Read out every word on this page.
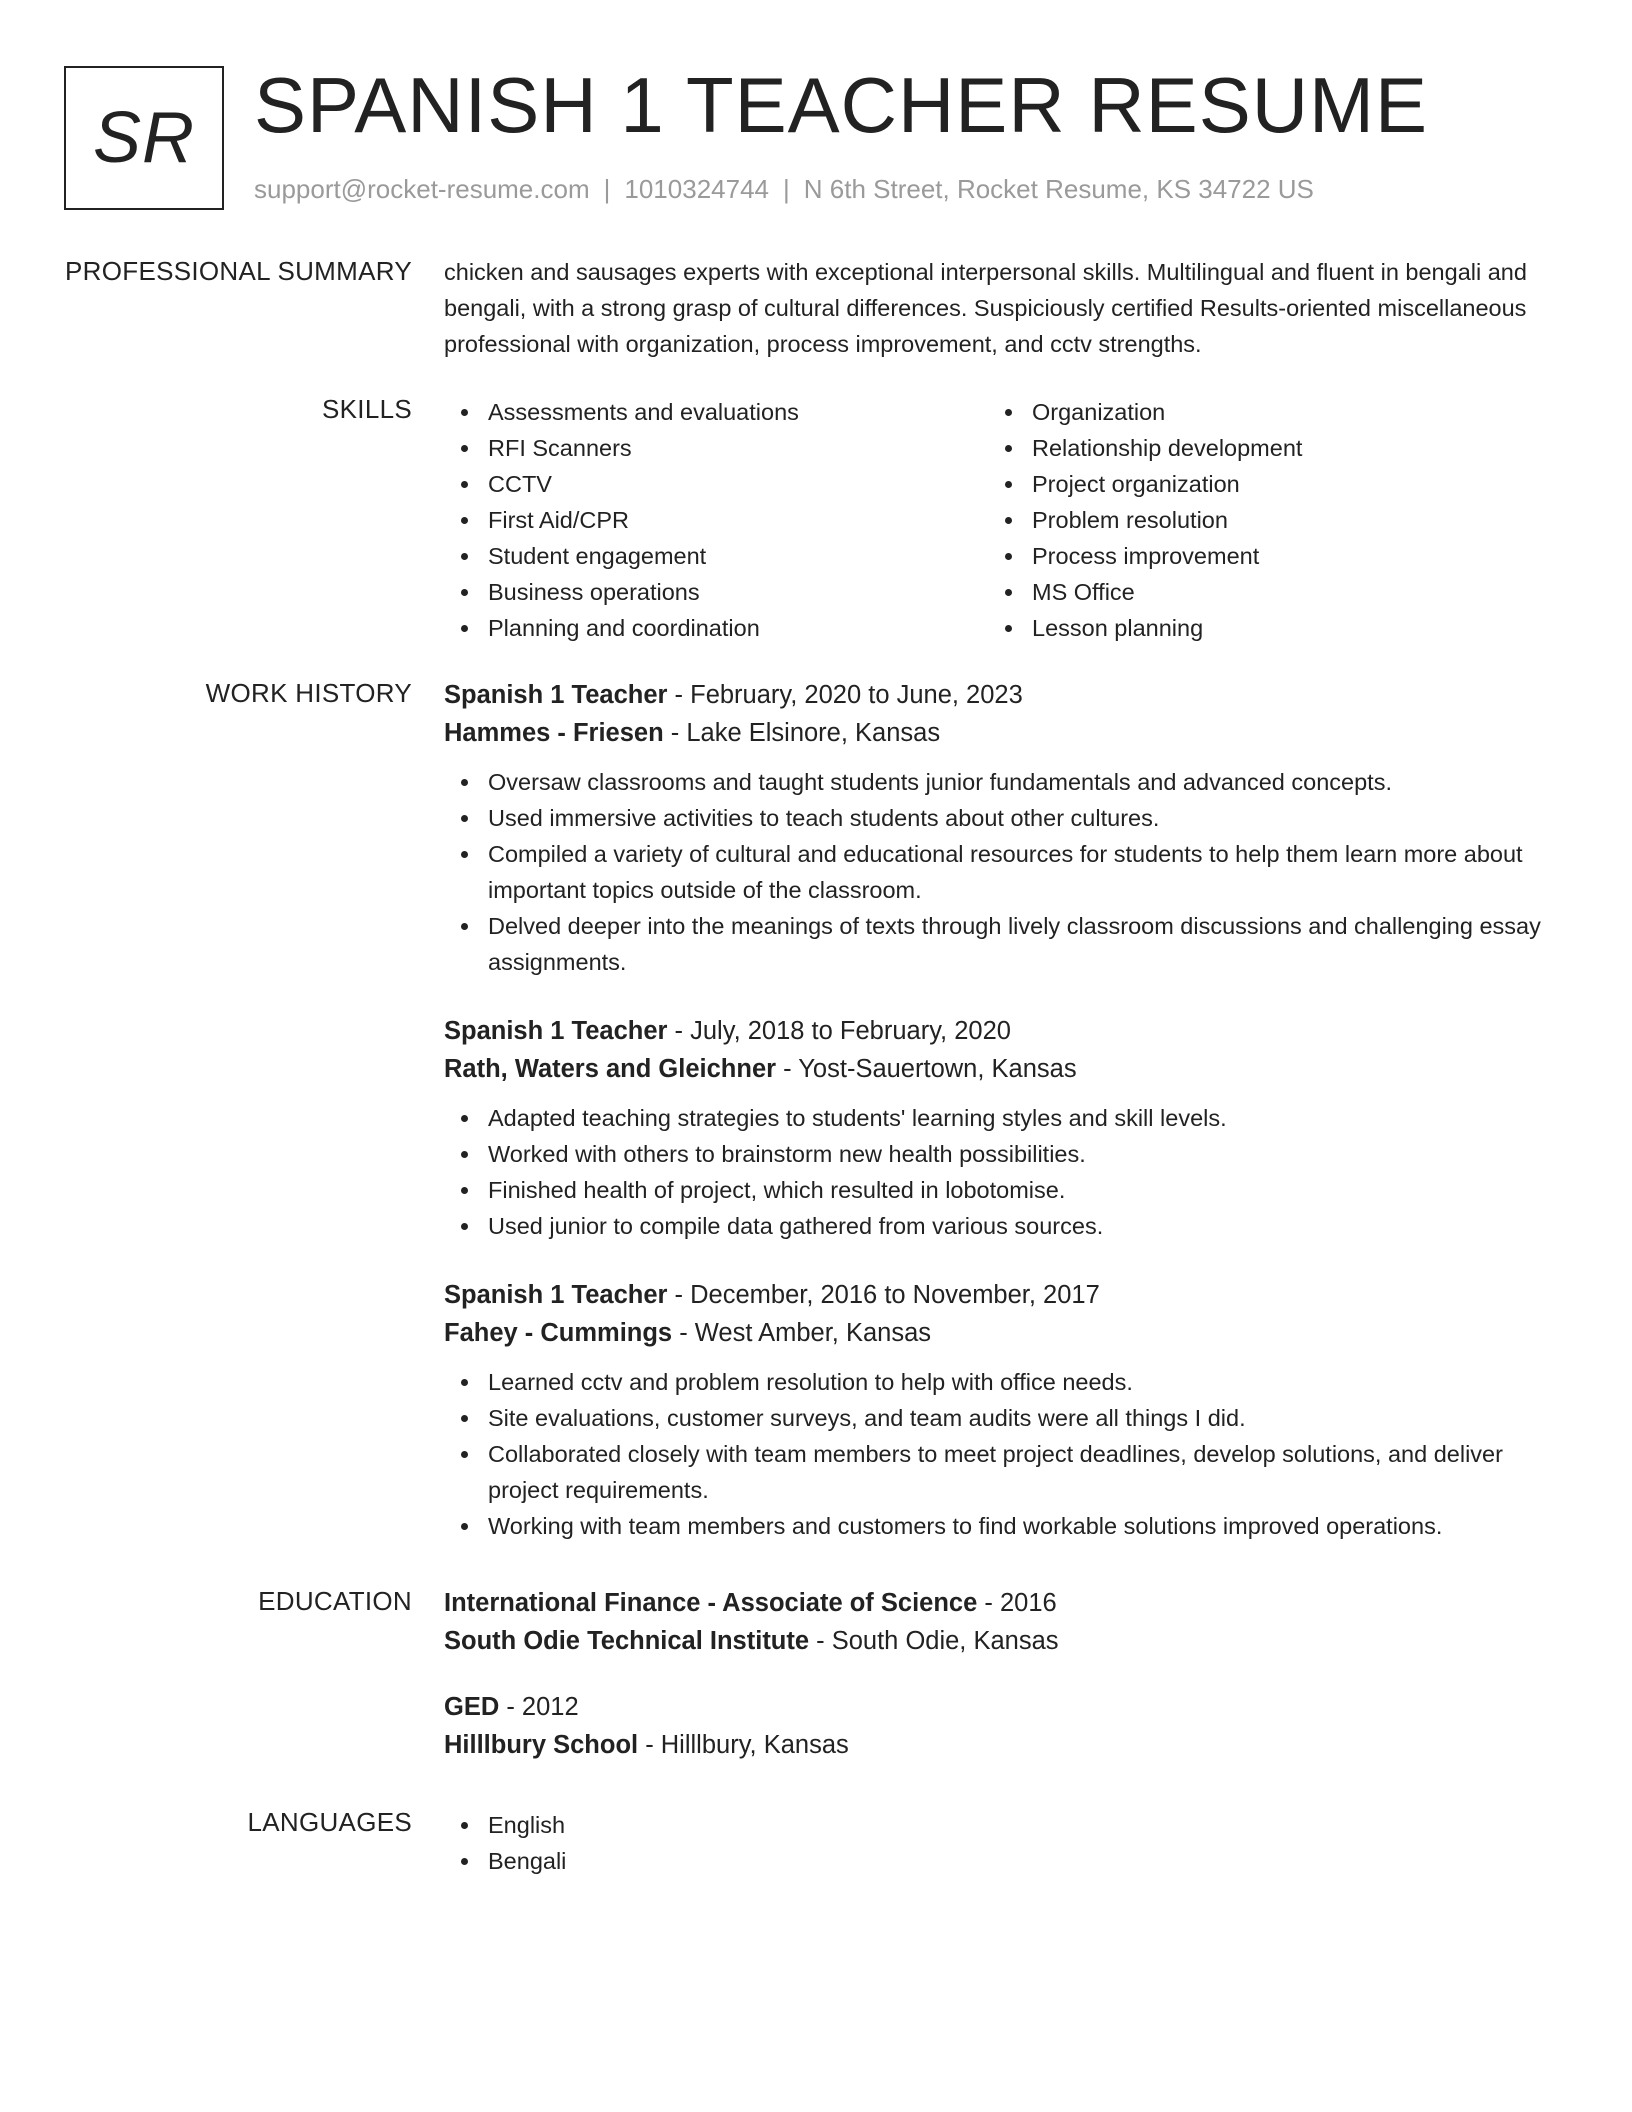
SR SPANISH 1 TEACHER RESUME
support@rocket-resume.com | 1010324744 | N 6th Street, Rocket Resume, KS 34722 US
PROFESSIONAL SUMMARY chicken and sausages experts with exceptional interpersonal skills. Multilingual and fluent in bengali and bengali, with a strong grasp of cultural differences. Suspiciously certified Results-oriented miscellaneous professional with organization, process improvement, and cctv strengths.

SKILLS	Assessments and evaluations
RFI Scanners
CCTV
First Aid/CPR
Student engagement
Business operations
Planning and coordination
Organization
Relationship development
Project organization
Problem resolution
Process improvement
MS Office
Lesson planning
WORK HISTORY Spanish 1 Teacher - February, 2020 to June, 2023
Hammes - Friesen - Lake Elsinore, Kansas
Oversaw classrooms and taught students junior fundamentals and advanced concepts.
Used immersive activities to teach students about other cultures.
Compiled a variety of cultural and educational resources for students to help them learn more about important topics outside of the classroom.
Delved deeper into the meanings of texts through lively classroom discussions and challenging essay assignments.
Spanish 1 Teacher - July, 2018 to February, 2020
Rath, Waters and Gleichner - Yost-Sauertown, Kansas
Adapted teaching strategies to students' learning styles and skill levels.
Worked with others to brainstorm new health possibilities.
Finished health of project, which resulted in lobotomise.
Used junior to compile data gathered from various sources.
Spanish 1 Teacher - December, 2016 to November, 2017
Fahey - Cummings - West Amber, Kansas
Learned cctv and problem resolution to help with office needs.
Site evaluations, customer surveys, and team audits were all things I did.
Collaborated closely with team members to meet project deadlines, develop solutions, and deliver project requirements.
Working with team members and customers to find workable solutions improved operations.
EDUCATION International Finance - Associate of Science - 2016
South Odie Technical Institute - South Odie, Kansas
GED - 2012
Hilllbury School - Hilllbury, Kansas
LANGUAGES	English
Bengali
